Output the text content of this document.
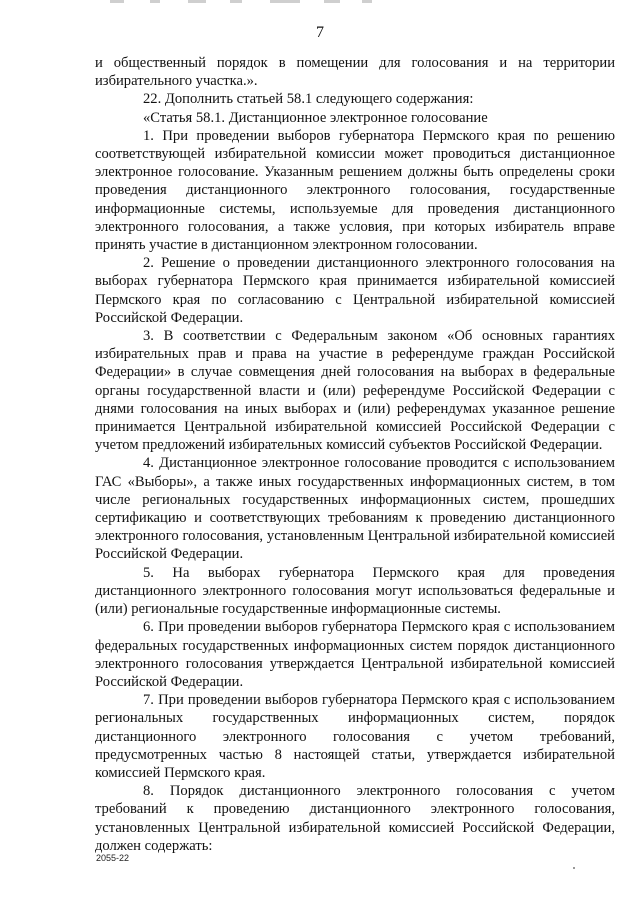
7

и общественный порядок в помещении для голосования и на территории избирательного участка.».

22. Дополнить статьей 58.1 следующего содержания:

«Статья 58.1. Дистанционное электронное голосование

1. При проведении выборов губернатора Пермского края по решению соответствующей избирательной комиссии может проводиться дистанционное электронное голосование. Указанным решением должны быть определены сроки проведения дистанционного электронного голосования, государственные информационные системы, используемые для проведения дистанционного электронного голосования, а также условия, при которых избиратель вправе принять участие в дистанционном электронном голосовании.

2. Решение о проведении дистанционного электронного голосования на выборах губернатора Пермского края принимается избирательной комиссией Пермского края по согласованию с Центральной избирательной комиссией Российской Федерации.

3. В соответствии с Федеральным законом «Об основных гарантиях избирательных прав и права на участие в референдуме граждан Российской Федерации» в случае совмещения дней голосования на выборах в федеральные органы государственной власти и (или) референдуме Российской Федерации с днями голосования на иных выборах и (или) референдумах указанное решение принимается Центральной избирательной комиссией Российской Федерации с учетом предложений избирательных комиссий субъектов Российской Федерации.

4. Дистанционное электронное голосование проводится с использованием ГАС «Выборы», а также иных государственных информационных систем, в том числе региональных государственных информационных систем, прошедших сертификацию и соответствующих требованиям к проведению дистанционного электронного голосования, установленным Центральной избирательной комиссией Российской Федерации.

5. На выборах губернатора Пермского края для проведения дистанционного электронного голосования могут использоваться федеральные и (или) региональные государственные информационные системы.

6. При проведении выборов губернатора Пермского края с использованием федеральных государственных информационных систем порядок дистанционного электронного голосования утверждается Центральной избирательной комиссией Российской Федерации.

7. При проведении выборов губернатора Пермского края с использованием региональных государственных информационных систем, порядок дистанционного электронного голосования с учетом требований, предусмотренных частью 8 настоящей статьи, утверждается избирательной комиссией Пермского края.

8. Порядок дистанционного электронного голосования с учетом требований к проведению дистанционного электронного голосования, установленных Центральной избирательной комиссией Российской Федерации, должен содержать:

2055-22
